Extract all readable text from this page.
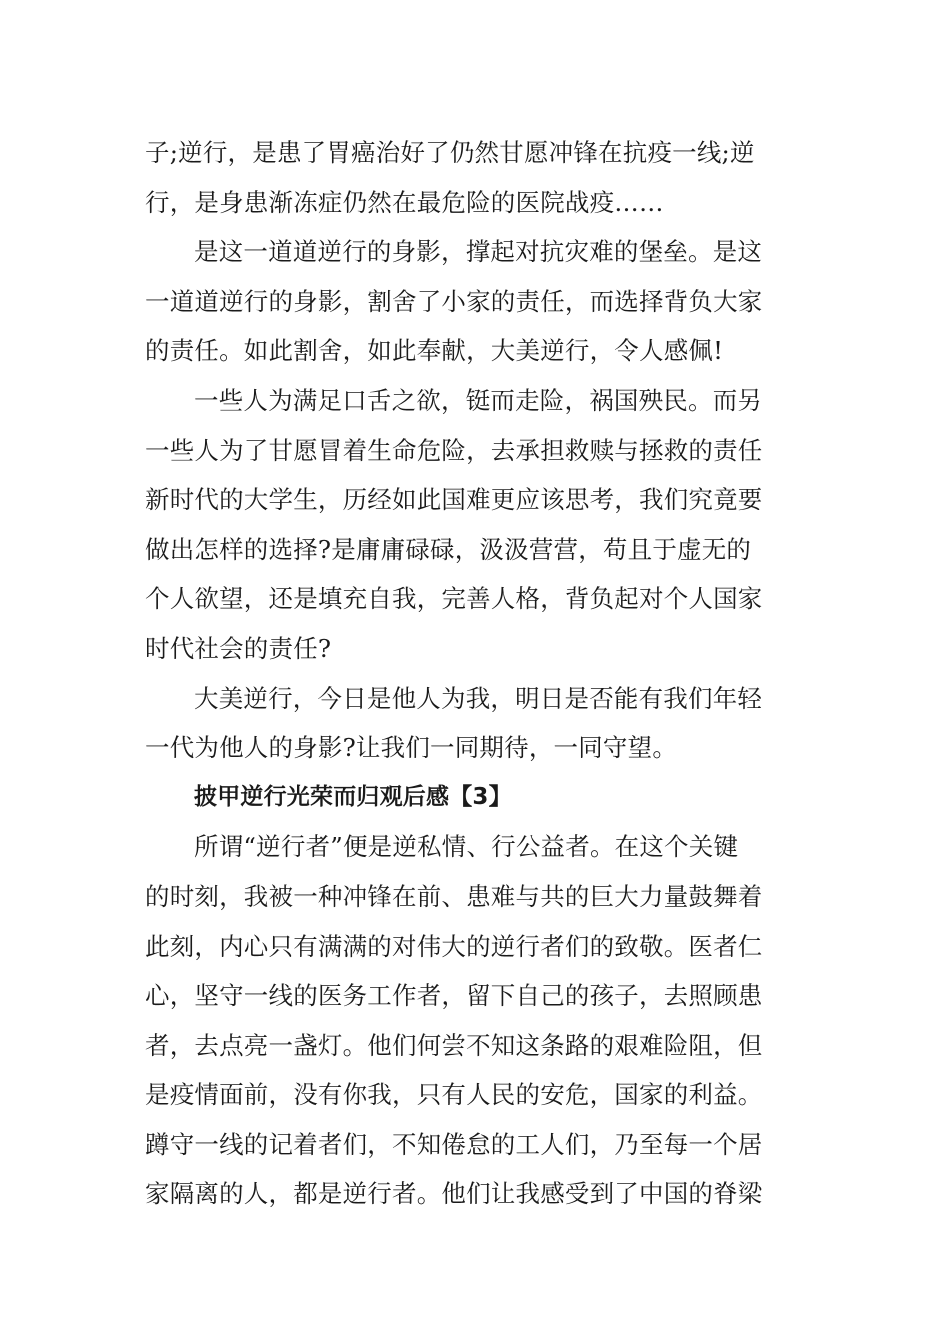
子;逆行，是患了胃癌治好了仍然甘愿冲锋在抗疫一线;逆
行，是身患渐冻症仍然在最危险的医院战疫……
是这一道道逆行的身影，撑起对抗灾难的堡垒。是这
一道道逆行的身影，割舍了小家的责任，而选择背负大家
的责任。如此割舍，如此奉献，大美逆行，令人感佩!
一些人为满足口舌之欲，铤而走险，祸国殃民。而另
一些人为了甘愿冒着生命危险，去承担救赎与拯救的责任
新时代的大学生，历经如此国难更应该思考，我们究竟要
做出怎样的选择?是庸庸碌碌，汲汲营营，苟且于虚无的
个人欲望，还是填充自我，完善人格，背负起对个人国家
时代社会的责任?
大美逆行，今日是他人为我，明日是否能有我们年轻
一代为他人的身影?让我们一同期待，一同守望。
披甲逆行光荣而归观后感【3】
所谓“逆行者”便是逆私情、行公益者。在这个关键
的时刻，我被一种冲锋在前、患难与共的巨大力量鼓舞着
此刻，内心只有满满的对伟大的逆行者们的致敬。医者仁
心，坚守一线的医务工作者，留下自己的孩子，去照顾患
者，去点亮一盏灯。他们何尝不知这条路的艰难险阻，但
是疫情面前，没有你我，只有人民的安危，国家的利益。
蹲守一线的记着者们，不知倦怠的工人们，乃至每一个居
家隔离的人，都是逆行者。他们让我感受到了中国的脊梁
